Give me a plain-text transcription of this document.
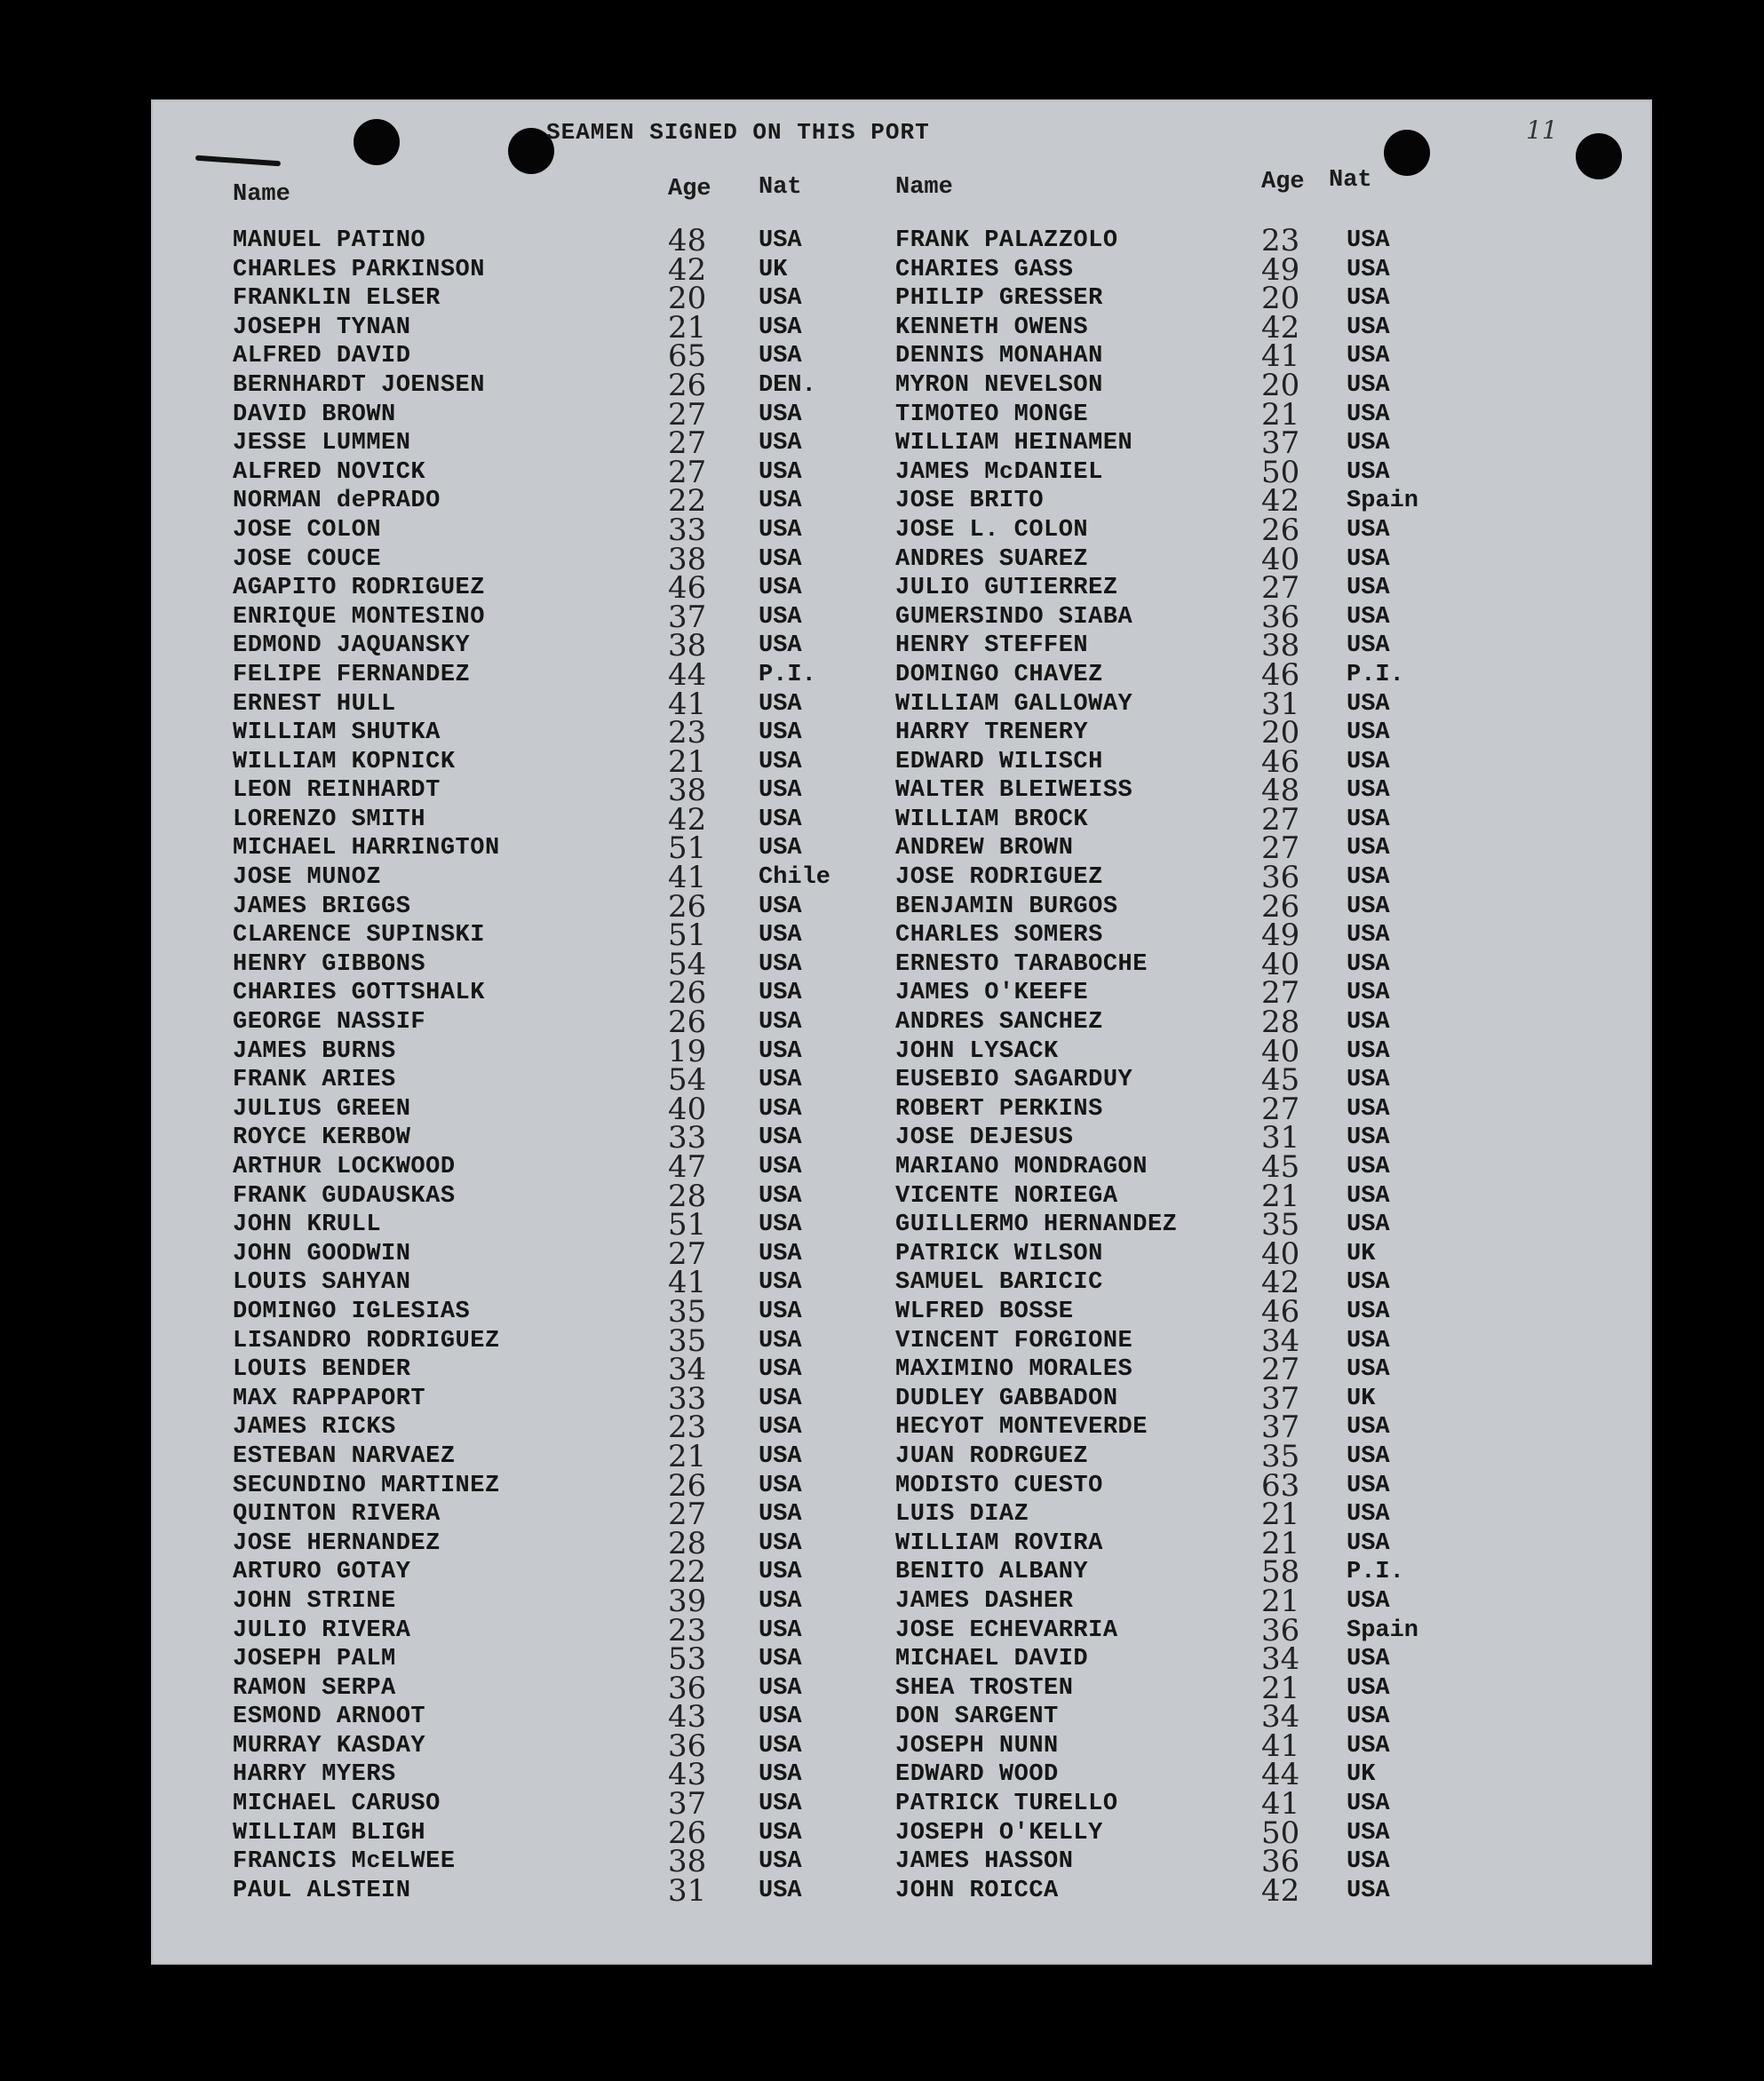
SEAMEN SIGNED ON THIS PORT	11
Name	Age Nat	Name	Age Nat
MANUEL PATINO	48 USA	FRANK PALAZZOLO	23 USA
CHARLES PARKINSON	42 UK	CHARIES GASS	49 USA
FRANKLIN ELSER	20 USA	PHILIP GRESSER	20 USA
JOSEPH TYNAN	21 USA	KENNETH OWENS	42 USA
ALFRED DAVID	65 USA	DENNIS MONAHAN	41 USA
BERNHARDT JOENSEN	26 DEN.	MYRON NEVELSON	20 USA
DAVID BROWN	27 USA	TIMOTEO MONGE	21 USA
JESSE LUMMEN	27 USA	WILLIAM HEINAMEN	37 USA
ALFRED NOVICK	27 USA	JAMES McDANIEL	50 USA
NORMAN dePRADO	22 USA	JOSE BRITO	42 Spain
JOSE COLON	33 USA	JOSE L. COLON	26 USA
JOSE COUCE	38 USA	ANDRES SUAREZ	40 USA
AGAPITO RODRIGUEZ	46 USA	JULIO GUTIERREZ	27 USA
ENRIQUE MONTESINO	37 USA	GUMERSINDO SIABA	36 USA
EDMOND JAQUANSKY	38 USA	HENRY STEFFEN	38 USA
FELIPE FERNANDEZ	44 P.I.	DOMINGO CHAVEZ	46 P.I.
ERNEST HULL	41 USA	WILLIAM GALLOWAY	31 USA
WILLIAM SHUTKA	23 USA	HARRY TRENERY	20 USA
WILLIAM KOPNICK	21 USA	EDWARD WILISCH	46 USA
LEON REINHARDT	38 USA	WALTER BLEIWEISS	48 USA
LORENZO SMITH	42 USA	WILLIAM BROCK	27 USA
MICHAEL HARRINGTON	51 USA	ANDREW BROWN	27 USA
JOSE MUNOZ	41 Chile	JOSE RODRIGUEZ	36 USA
JAMES BRIGGS	26 USA	BENJAMIN BURGOS	26 USA
CLARENCE SUPINSKI	51 USA	CHARLES SOMERS	49 USA
HENRY GIBBONS	54 USA	ERNESTO TARABOCHE	40 USA
CHARIES GOTTSHALK	26 USA	JAMES O'KEEFE	27 USA
GEORGE NASSIF	26 USA	ANDRES SANCHEZ	28 USA
JAMES BURNS	19 USA	JOHN LYSACK	40 USA
FRANK ARIES	54 USA	EUSEBIO SAGARDUY	45 USA
JULIUS GREEN	40 USA	ROBERT PERKINS	27 USA
ROYCE KERBOW	33 USA	JOSE DEJESUS	31 USA
ARTHUR LOCKWOOD	47 USA	MARIANO MONDRAGON	45 USA
FRANK GUDAUSKAS	28 USA	VICENTE NORIEGA	21 USA
JOHN KRULL	51 USA	GUILLERMO HERNANDEZ	35 USA
JOHN GOODWIN	27 USA	PATRICK WILSON	40 UK
LOUIS SAHYAN	41 USA	SAMUEL BARICIC	42 USA
DOMINGO IGLESIAS	35 USA	WLFRED BOSSE	46 USA
LISANDRO RODRIGUEZ	35 USA	VINCENT FORGIONE	34 USA
LOUIS BENDER	34 USA	MAXIMINO MORALES	27 USA
MAX RAPPAPORT	33 USA	DUDLEY GABBADON	37 UK
JAMES RICKS	23 USA	HECYOT MONTEVERDE	37 USA
ESTEBAN NARVAEZ	21 USA	JUAN RODRGUEZ	35 USA
SECUNDINO MARTINEZ	26 USA	MODISTO CUESTO	63 USA
QUINTON RIVERA	27 USA	LUIS DIAZ	21 USA
JOSE HERNANDEZ	28 USA	WILLIAM ROVIRA	21 USA
ARTURO GOTAY	22 USA	BENITO ALBANY	58 P.I.
JOHN STRINE	39 USA	JAMES DASHER	21 USA
JULIO RIVERA	23 USA	JOSE ECHEVARRIA	36 Spain
JOSEPH PALM	53 USA	MICHAEL DAVID	34 USA
RAMON SERPA	36 USA	SHEA TROSTEN	21 USA
ESMOND ARNOOT	43 USA	DON SARGENT	34 USA
MURRAY KASDAY	36 USA	JOSEPH NUNN	41 USA
HARRY MYERS	43 USA	EDWARD WOOD	44 UK
MICHAEL CARUSO	37 USA	PATRICK TURELLO	41 USA
WILLIAM BLIGH	26 USA	JOSEPH O'KELLY	50 USA
FRANCIS McELWEE	38 USA	JAMES HASSON	36 USA
PAUL ALSTEIN	31 USA	JOHN ROICCA	42 USA
